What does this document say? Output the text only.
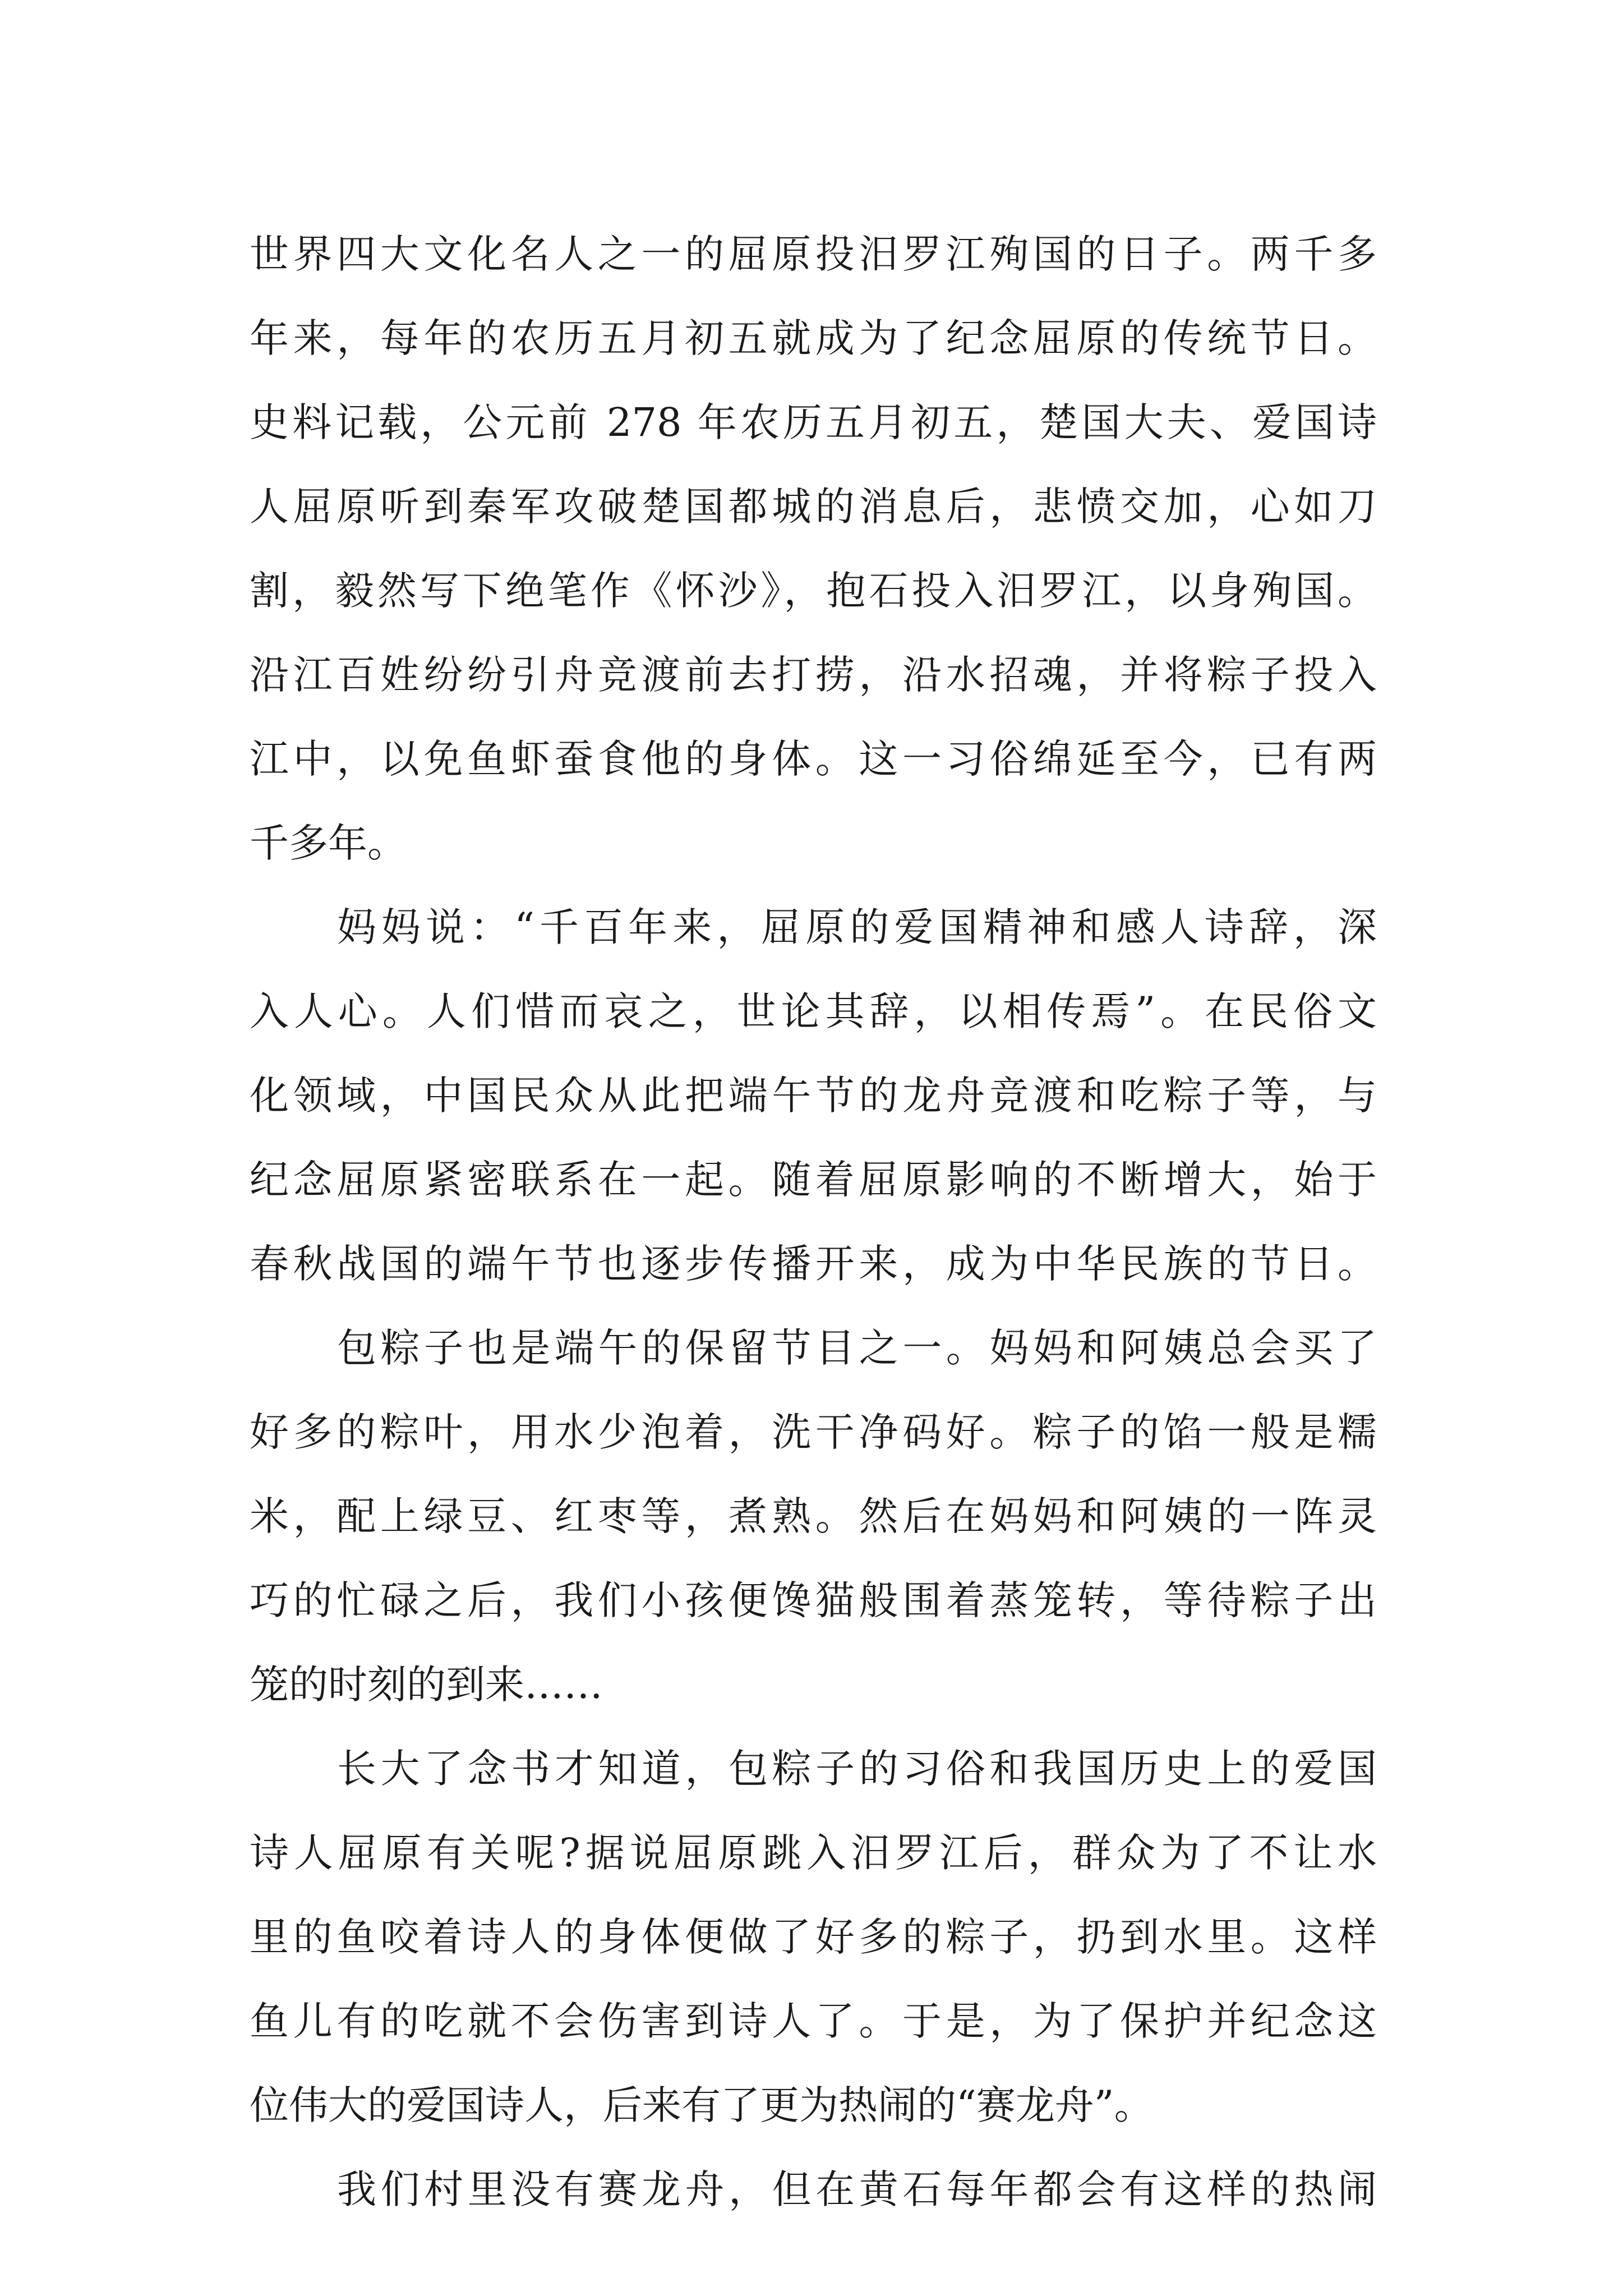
世界四大文化名人之一的屈原投汨罗江殉国的日子。两千多
年来，每年的农历五月初五就成为了纪念屈原的传统节日。
史料记载，公元前 278 年农历五月初五，楚国大夫、爱国诗
人屈原听到秦军攻破楚国都城的消息后，悲愤交加，心如刀
割，毅然写下绝笔作《怀沙》，抱石投入汨罗江，以身殉国。
沿江百姓纷纷引舟竞渡前去打捞，沿水招魂，并将粽子投入
江中，以免鱼虾蚕食他的身体。这一习俗绵延至今，已有两
千多年。
妈妈说：“千百年来，屈原的爱国精神和感人诗辞，深
入人心。人们惜而哀之，世论其辞，以相传焉”。在民俗文
化领域，中国民众从此把端午节的龙舟竞渡和吃粽子等，与
纪念屈原紧密联系在一起。随着屈原影响的不断增大，始于
春秋战国的端午节也逐步传播开来，成为中华民族的节日。
包粽子也是端午的保留节目之一。妈妈和阿姨总会买了
好多的粽叶，用水少泡着，洗干净码好。粽子的馅一般是糯
米，配上绿豆、红枣等，煮熟。然后在妈妈和阿姨的一阵灵
巧的忙碌之后，我们小孩便馋猫般围着蒸笼转，等待粽子出
笼的时刻的到来……
长大了念书才知道，包粽子的习俗和我国历史上的爱国
诗人屈原有关呢?据说屈原跳入汨罗江后，群众为了不让水
里的鱼咬着诗人的身体便做了好多的粽子，扔到水里。这样
鱼儿有的吃就不会伤害到诗人了。于是，为了保护并纪念这
位伟大的爱国诗人，后来有了更为热闹的“赛龙舟”。
我们村里没有赛龙舟，但在黄石每年都会有这样的热闹
